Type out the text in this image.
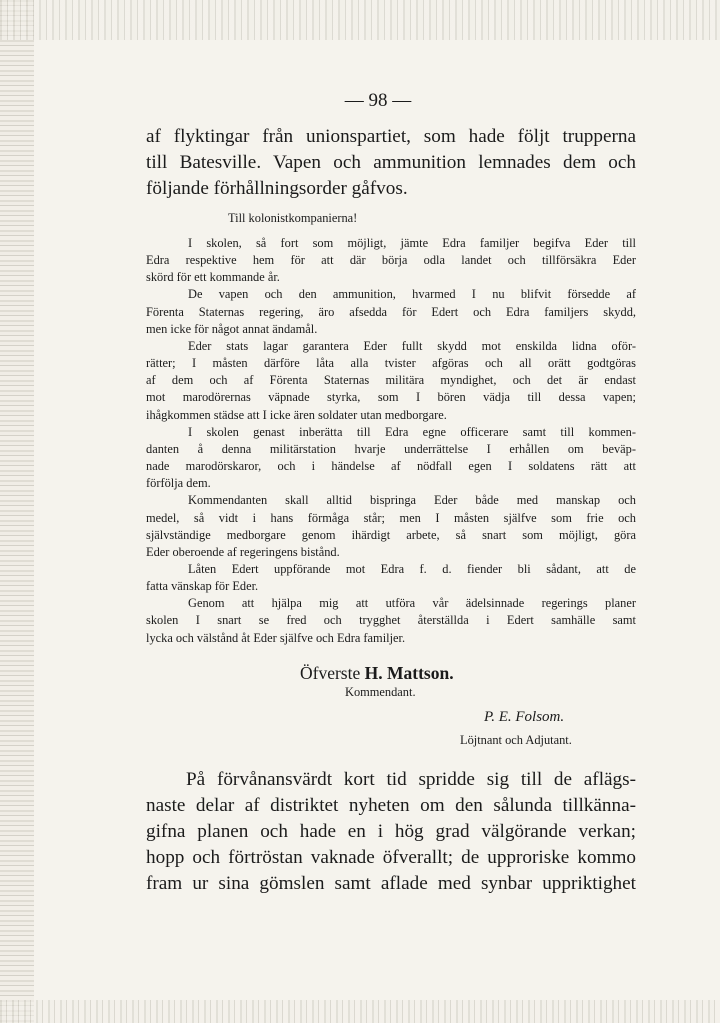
— 98 —
af flyktingar från unionspartiet, som hade följt trupperna
till Batesville. Vapen och ammunition lemnades dem och
följande förhållningsorder gåfvos.
Till kolonistkompanierna!
I skolen, så fort som möjligt, jämte Edra familjer begifva Eder till
Edra respektive hem för att där börja odla landet och tillförsäkra Eder
skörd för ett kommande år.
De vapen och den ammunition, hvarmed I nu blifvit försedde af
Förenta Staternas regering, äro afsedda för Edert och Edra familjers skydd,
men icke för något annat ändamål.
Eder stats lagar garantera Eder fullt skydd mot enskilda lidna oför-
rätter; I måsten därföre låta alla tvister afgöras och all orätt godtgöras
af dem och af Förenta Staternas militära myndighet, och det är endast
mot marodörernas väpnade styrka, som I bören vädja till dessa vapen;
ihågkommen städse att I icke ären soldater utan medborgare.
I skolen genast inberätta till Edra egne officerare samt till kommen-
danten å denna militärstation hvarje underrättelse I erhållen om beväp-
nade marodörskaror, och i händelse af nödfall egen I soldatens rätt att
förfölja dem.
Kommendanten skall alltid bispringa Eder både med manskap och
medel, så vidt i hans förmåga står; men I måsten själfve som frie och
självständige medborgare genom ihärdigt arbete, så snart som möjligt, göra
Eder oberoende af regeringens bistånd.
Låten Edert uppförande mot Edra f. d. fiender bli sådant, att de
fatta vänskap för Eder.
Genom att hjälpa mig att utföra vår ädelsinnade regerings planer
skolen I snart se fred och trygghet återställda i Edert samhälle samt
lycka och välstånd åt Eder själfve och Edra familjer.
Öfverste H. Mattson.
Kommendant.
P. E. Folsom.
Löjtnant och Adjutant.
På förvånansvärdt kort tid spridde sig till de aflägs-
naste delar af distriktet nyheten om den sålunda tillkänna-
gifna planen och hade en i hög grad välgörande verkan;
hopp och förtröstan vaknade öfverallt; de upproriske kommo
fram ur sina gömslen samt aflade med synbar uppriktighet
